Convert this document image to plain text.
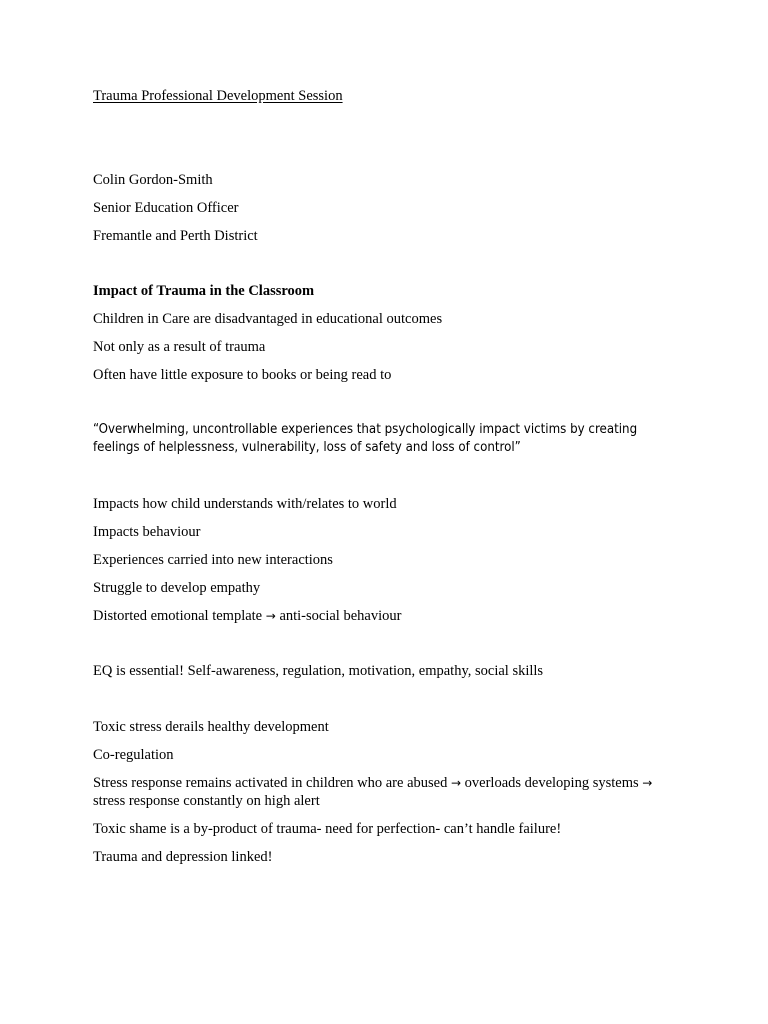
Trauma Professional Development Session

Colin Gordon-Smith

Senior Education Officer

Fremantle and Perth District

Impact of Trauma in the Classroom

Children in Care are disadvantaged in educational outcomes

Not only as a result of trauma

Often have little exposure to books or being read to

“Overwhelming, uncontrollable experiences that psychologically impact victims by creating feelings of helplessness, vulnerability, loss of safety and loss of control”

Impacts how child understands with/relates to world

Impacts behaviour

Experiences carried into new interactions

Struggle to develop empathy

Distorted emotional template → anti-social behaviour

EQ is essential! Self-awareness, regulation, motivation, empathy, social skills

Toxic stress derails healthy development

Co-regulation

Stress response remains activated in children who are abused → overloads developing systems → stress response constantly on high alert

Toxic shame is a by-product of trauma- need for perfection- can’t handle failure!

Trauma and depression linked!
